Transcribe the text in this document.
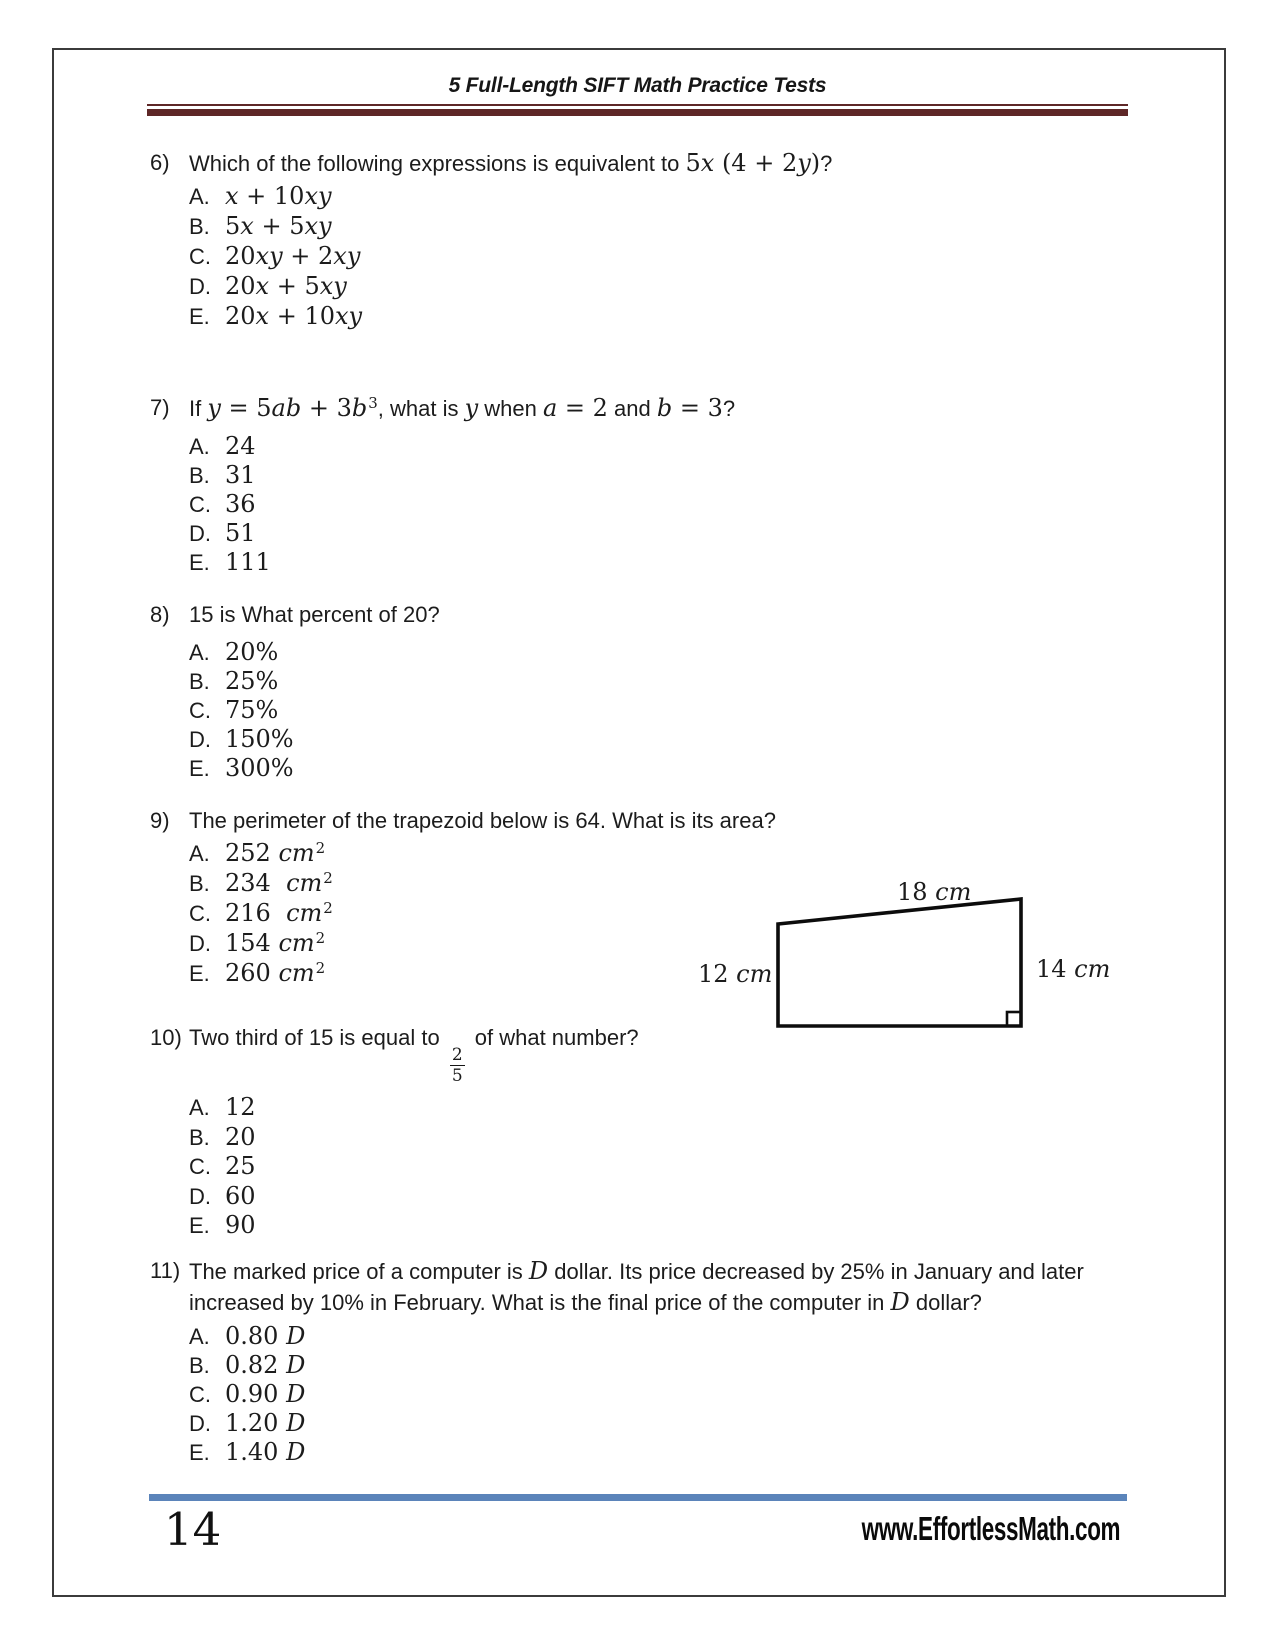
5 Full-Length SIFT Math Practice Tests
6) Which of the following expressions is equivalent to 5x (4 + 2y)?
A. x + 10xy
B. 5x + 5xy
C. 20xy + 2xy
D. 20x + 5xy
E. 20x + 10xy
7) If $y = 5ab + 3b^3$, what is y when a = 2 and b = 3?
A. 24
B. 31
C. 36
D. 51
E. 111
8) 15 is What percent of 20?
A. 20%
B. 25%
C. 75%
D. 150%
E. 300%
9) The perimeter of the trapezoid below is 64. What is its area?
A. 252 $cm^2$
B. 234  $cm^2$
C. 216  $cm^2$
D. 154 $cm^2$
E. 260 $cm^2$
10) Two third of 15 is equal to
$\frac{2}{5}$
of what number?
A. 12
B. 20
C. 25
D. 60
E. 90
11) The marked price of a computer is D dollar. Its price decreased by 25% in January and later
increased by 10% in February. What is the final price of the computer in D dollar?
A. 0.80 D
B. 0.82 D
C. 0.90 D
D. 1.20 D
E. 1.40 D
18 cm
12 cm	14 cm
14	www.EffortlessMath.com
